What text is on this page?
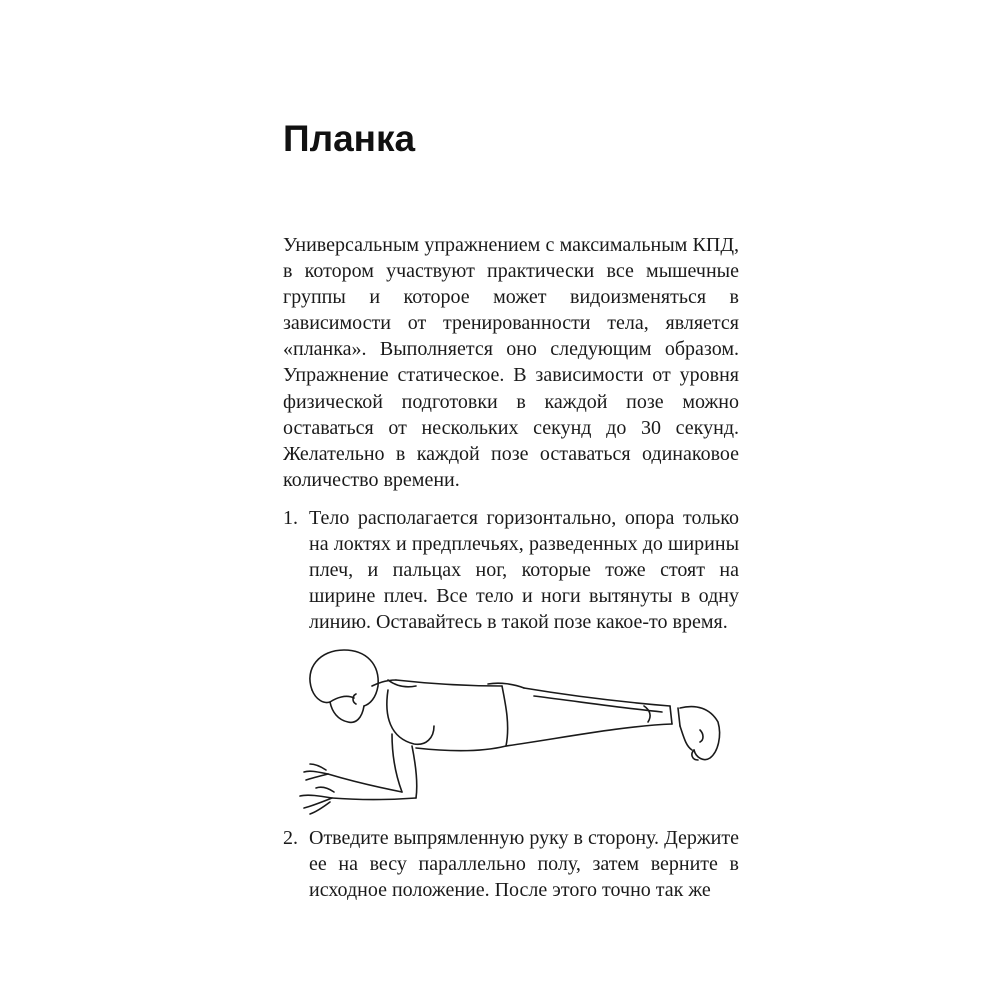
Планка

Универсальным упражнением с максимальным КПД, в котором участвуют практически все мышечные группы и которое может видоизменяться в зависимости от тренированности тела, является «планка». Выполняется оно следующим образом. Упражнение статическое. В зависимости от уровня физической подготовки в каждой позе можно оставаться от нескольких секунд до 30 секунд. Желательно в каждой позе оставаться одинаковое количество времени.

1. Тело располагается горизонтально, опора только на локтях и предплечьях, разведенных до ширины плеч, и пальцах ног, которые тоже стоят на ширине плеч. Все тело и ноги вытянуты в одну линию. Оставайтесь в такой позе какое-то время.
2. Отведите выпрямленную руку в сторону. Держите ее на весу параллельно полу, затем верните в исходное положение. После этого точно так же
